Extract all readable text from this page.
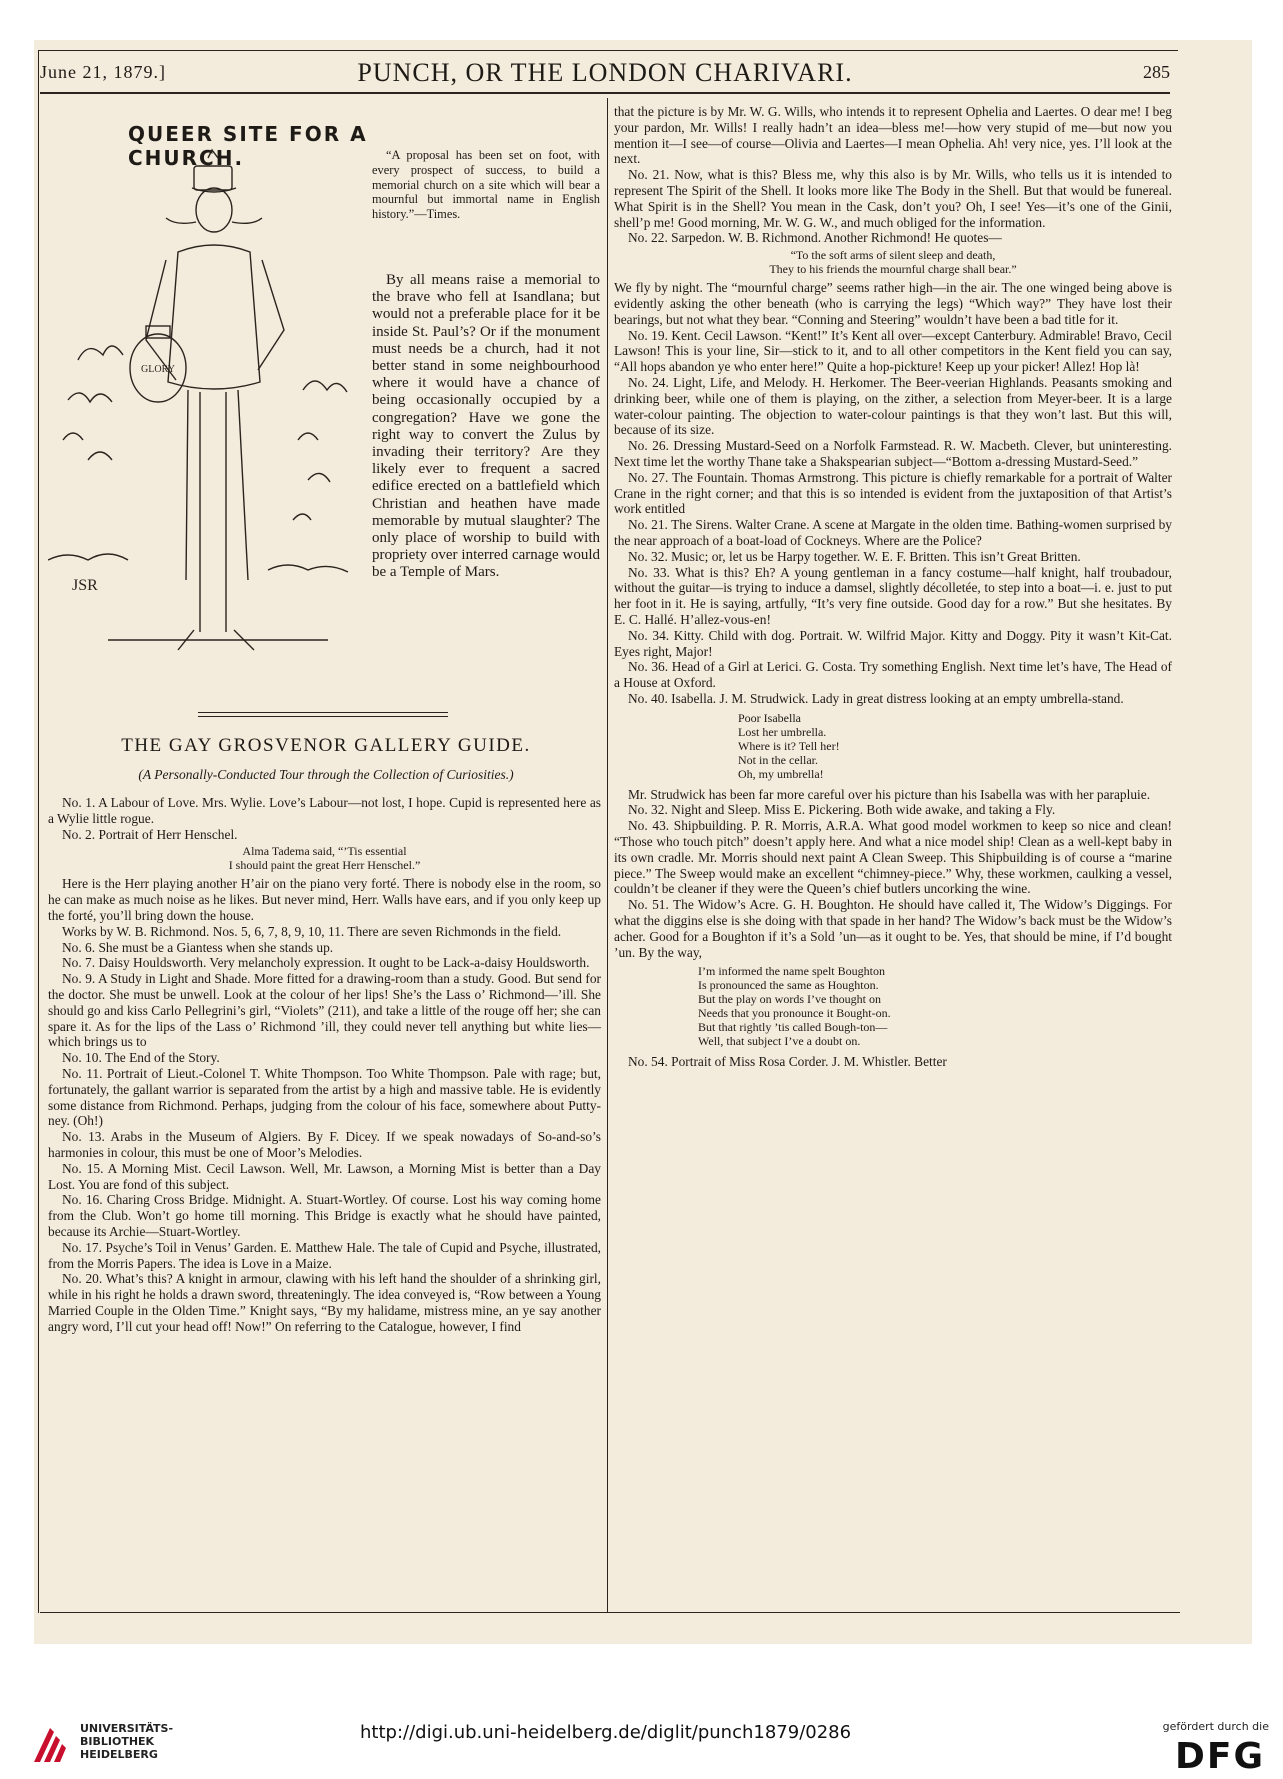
June 21, 1879.]	PUNCH, OR THE LONDON CHARIVARI.	285
QUEER SITE FOR A CHURCH.	“A proposal has been set on foot, with every prospect of success, to build a memorial church on a site which will bear a mournful but immortal name in English history.”—Times.

By all means raise a memorial to the brave who fell at Isandlana; but would not a preferable place for it be inside St. Paul’s? Or if the monument must needs be a church, had it not better stand in some neighbourhood where it would have a chance of being occasionally occupied by a congregation? Have we gone the right way to convert the Zulus by invading their territory? Are they likely ever to frequent a sacred edifice erected on a battlefield which Christian and heathen have made memorable by mutual slaughter? The only place of worship to build with propriety over interred carnage would be a Temple of Mars.

GLORY
JSR
THE GAY GROSVENOR GALLERY GUIDE.
(A Personally-Conducted Tour through the Collection of Curiosities.)

No. 1. A Labour of Love. Mrs. Wylie. Love’s Labour—not lost, I hope. Cupid is represented here as a Wylie little rogue.

No. 2. Portrait of Herr Henschel.

Alma Tadema said, “’Tis essential
I should paint the great Herr Henschel.”

Here is the Herr playing another H’air on the piano very forté. There is nobody else in the room, so he can make as much noise as he likes. But never mind, Herr. Walls have ears, and if you only keep up the forté, you’ll bring down the house.

Works by W. B. Richmond. Nos. 5, 6, 7, 8, 9, 10, 11. There are seven Richmonds in the field.

No. 6. She must be a Giantess when she stands up.

No. 7. Daisy Houldsworth. Very melancholy expression. It ought to be Lack-a-daisy Houldsworth.

No. 9. A Study in Light and Shade. More fitted for a drawing-room than a study. Good. But send for the doctor. She must be unwell. Look at the colour of her lips! She’s the Lass o’ Richmond—’ill. She should go and kiss Carlo Pellegrini’s girl, “Violets” (211), and take a little of the rouge off her; she can spare it. As for the lips of the Lass o’ Richmond ’ill, they could never tell anything but white lies—which brings us to

No. 10. The End of the Story.

No. 11. Portrait of Lieut.-Colonel T. White Thompson. Too White Thompson. Pale with rage; but, fortunately, the gallant warrior is separated from the artist by a high and massive table. He is evidently some distance from Richmond. Perhaps, judging from the colour of his face, somewhere about Putty-ney. (Oh!)

No. 13. Arabs in the Museum of Algiers. By F. Dicey. If we speak nowadays of So-and-so’s harmonies in colour, this must be one of Moor’s Melodies.

No. 15. A Morning Mist. Cecil Lawson. Well, Mr. Lawson, a Morning Mist is better than a Day Lost. You are fond of this subject.

No. 16. Charing Cross Bridge. Midnight. A. Stuart-Wortley. Of course. Lost his way coming home from the Club. Won’t go home till morning. This Bridge is exactly what he should have painted, because its Archie—Stuart-Wortley.

No. 17. Psyche’s Toil in Venus’ Garden. E. Matthew Hale. The tale of Cupid and Psyche, illustrated, from the Morris Papers. The idea is Love in a Maize.

No. 20. What’s this? A knight in armour, clawing with his left hand the shoulder of a shrinking girl, while in his right he holds a drawn sword, threateningly. The idea conveyed is, “Row between a Young Married Couple in the Olden Time.” Knight says, “By my halidame, mistress mine, an ye say another angry word, I’ll cut your head off! Now!” On referring to the Catalogue, however, I find

that the picture is by Mr. W. G. Wills, who intends it to represent Ophelia and Laertes. O dear me! I beg your pardon, Mr. Wills! I really hadn’t an idea—bless me!—how very stupid of me—but now you mention it—I see—of course—Olivia and Laertes—I mean Ophelia. Ah! very nice, yes. I’ll look at the next.

No. 21. Now, what is this? Bless me, why this also is by Mr. Wills, who tells us it is intended to represent The Spirit of the Shell. It looks more like The Body in the Shell. But that would be funereal. What Spirit is in the Shell? You mean in the Cask, don’t you? Oh, I see! Yes—it’s one of the Ginii, shell’p me! Good morning, Mr. W. G. W., and much obliged for the information.

No. 22. Sarpedon. W. B. Richmond. Another Richmond! He quotes—

“To the soft arms of silent sleep and death,
They to his friends the mournful charge shall bear.”

We fly by night. The “mournful charge” seems rather high—in the air. The one winged being above is evidently asking the other beneath (who is carrying the legs) “Which way?” They have lost their bearings, but not what they bear. “Conning and Steering” wouldn’t have been a bad title for it.

No. 19. Kent. Cecil Lawson. “Kent!” It’s Kent all over—except Canterbury. Admirable! Bravo, Cecil Lawson! This is your line, Sir—stick to it, and to all other competitors in the Kent field you can say, “All hops abandon ye who enter here!” Quite a hop-pickture! Keep up your picker! Allez! Hop là!

No. 24. Light, Life, and Melody. H. Herkomer. The Beer-veerian Highlands. Peasants smoking and drinking beer, while one of them is playing, on the zither, a selection from Meyer-beer. It is a large water-colour painting. The objection to water-colour paintings is that they won’t last. But this will, because of its size.

No. 26. Dressing Mustard-Seed on a Norfolk Farmstead. R. W. Macbeth. Clever, but uninteresting. Next time let the worthy Thane take a Shakspearian subject—“Bottom a-dressing Mustard-Seed.”

No. 27. The Fountain. Thomas Armstrong. This picture is chiefly remarkable for a portrait of Walter Crane in the right corner; and that this is so intended is evident from the juxtaposition of that Artist’s work entitled

No. 21. The Sirens. Walter Crane. A scene at Margate in the olden time. Bathing-women surprised by the near approach of a boat-load of Cockneys. Where are the Police?

No. 32. Music; or, let us be Harpy together. W. E. F. Britten. This isn’t Great Britten.

No. 33. What is this? Eh? A young gentleman in a fancy costume—half knight, half troubadour, without the guitar—is trying to induce a damsel, slightly décolletée, to step into a boat—i. e. just to put her foot in it. He is saying, artfully, “It’s very fine outside. Good day for a row.” But she hesitates. By E. C. Hallé. H’allez-vous-en!

No. 34. Kitty. Child with dog. Portrait. W. Wilfrid Major. Kitty and Doggy. Pity it wasn’t Kit-Cat. Eyes right, Major!

No. 36. Head of a Girl at Lerici. G. Costa. Try something English. Next time let’s have, The Head of a House at Oxford.

No. 40. Isabella. J. M. Strudwick. Lady in great distress looking at an empty umbrella-stand.

Poor Isabella
Lost her umbrella.
Where is it? Tell her!
Not in the cellar.
Oh, my umbrella!

Mr. Strudwick has been far more careful over his picture than his Isabella was with her parapluie.

No. 32. Night and Sleep. Miss E. Pickering. Both wide awake, and taking a Fly.

No. 43. Shipbuilding. P. R. Morris, A.R.A. What good model workmen to keep so nice and clean! “Those who touch pitch” doesn’t apply here. And what a nice model ship! Clean as a well-kept baby in its own cradle. Mr. Morris should next paint A Clean Sweep. This Shipbuilding is of course a “marine piece.” The Sweep would make an excellent “chimney-piece.” Why, these workmen, caulking a vessel, couldn’t be cleaner if they were the Queen’s chief butlers uncorking the wine.

No. 51. The Widow’s Acre. G. H. Boughton. He should have called it, The Widow’s Diggings. For what the diggins else is she doing with that spade in her hand? The Widow’s back must be the Widow’s acher. Good for a Boughton if it’s a Sold ’un—as it ought to be. Yes, that should be mine, if I’d bought ’un. By the way,

I’m informed the name spelt Boughton
Is pronounced the same as Houghton.
But the play on words I’ve thought on
Needs that you pronounce it Bought-on.
But that rightly ’tis called Bough-ton—
Well, that subject I’ve a doubt on.

No. 54. Portrait of Miss Rosa Corder. J. M. Whistler. Better

UNIVERSITÄTS-
BIBLIOTHEK
HEIDELBERG
http://digi.ub.uni-heidelberg.de/diglit/punch1879/0286	gefördert durch die
DFG
